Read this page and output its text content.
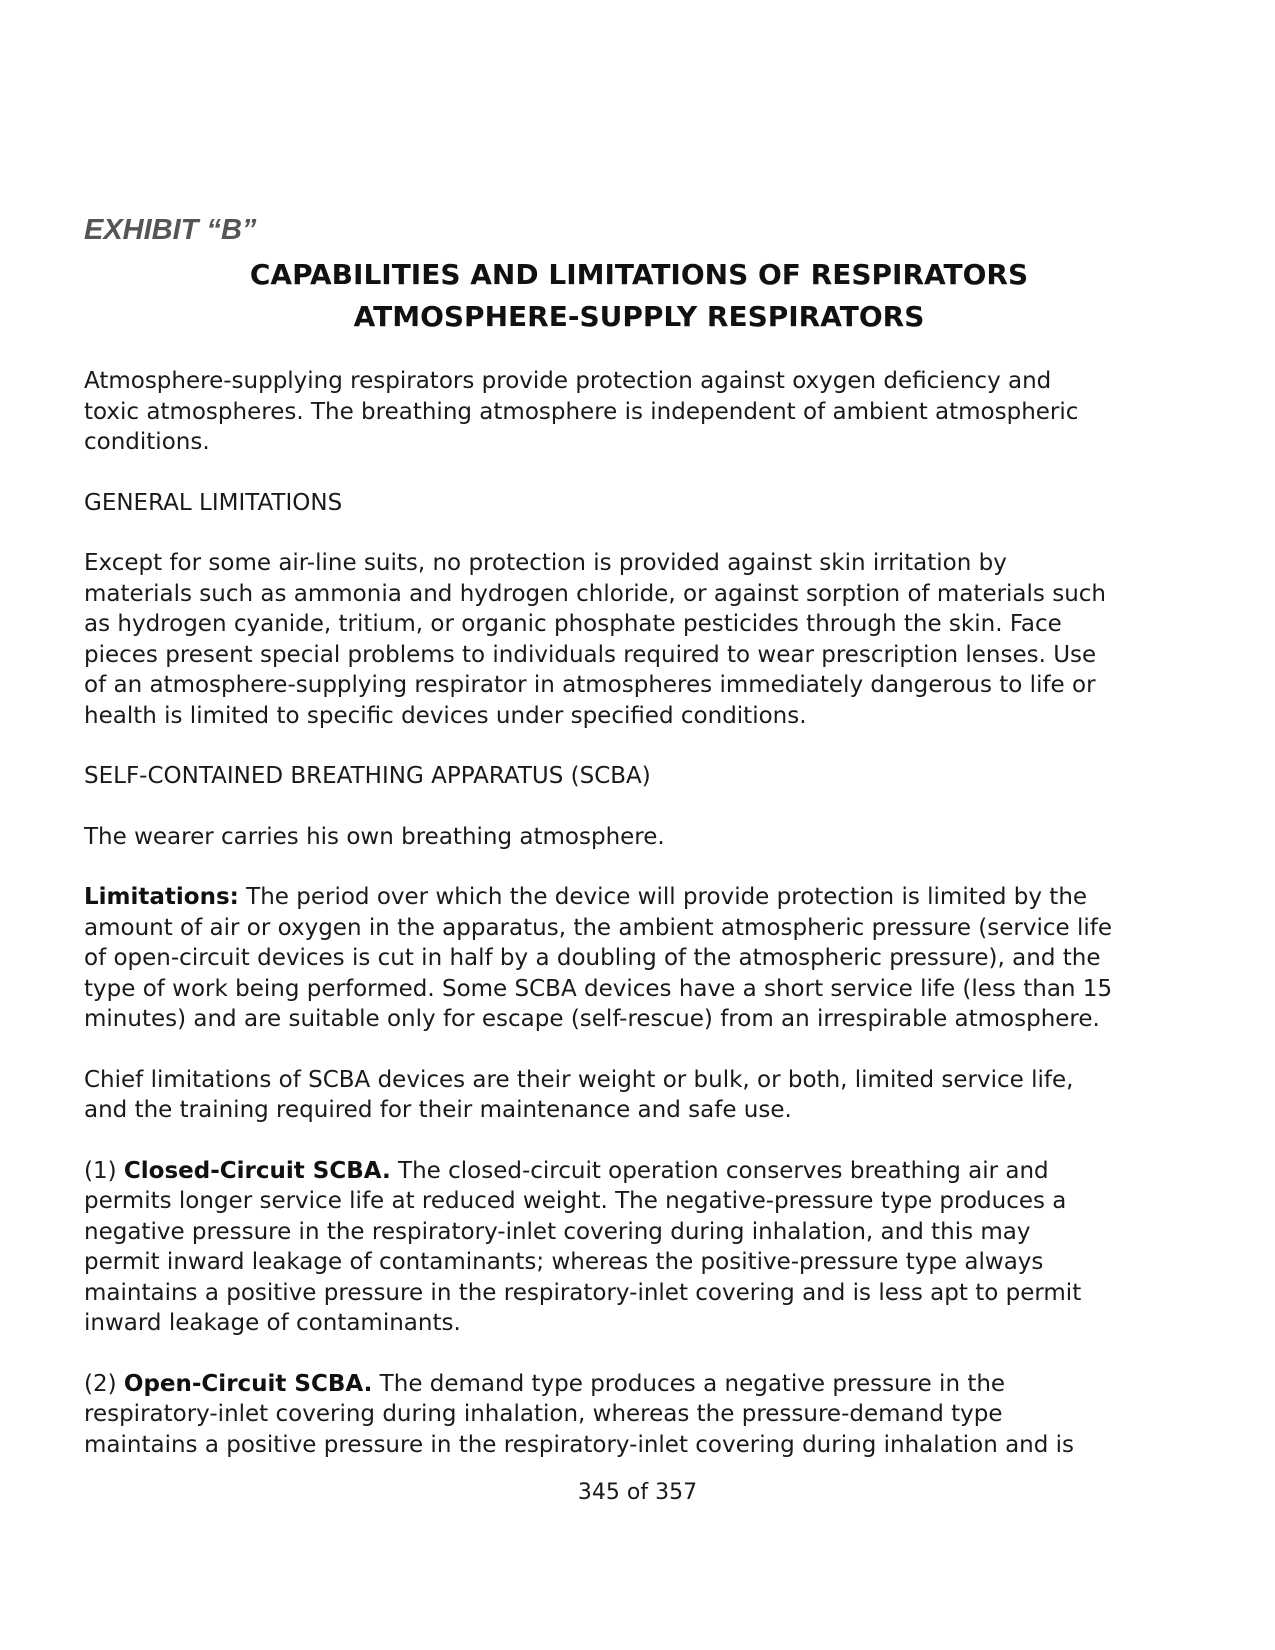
EXHIBIT “B”
CAPABILITIES AND LIMITATIONS OF RESPIRATORS
ATMOSPHERE-SUPPLY RESPIRATORS

Atmosphere-supplying respirators provide protection against oxygen deficiency and
toxic atmospheres. The breathing atmosphere is independent of ambient atmospheric
conditions.

GENERAL LIMITATIONS

Except for some air-line suits, no protection is provided against skin irritation by
materials such as ammonia and hydrogen chloride, or against sorption of materials such
as hydrogen cyanide, tritium, or organic phosphate pesticides through the skin. Face
pieces present special problems to individuals required to wear prescription lenses. Use
of an atmosphere-supplying respirator in atmospheres immediately dangerous to life or
health is limited to specific devices under specified conditions.

SELF-CONTAINED BREATHING APPARATUS (SCBA)

The wearer carries his own breathing atmosphere.

Limitations: The period over which the device will provide protection is limited by the
amount of air or oxygen in the apparatus, the ambient atmospheric pressure (service life
of open-circuit devices is cut in half by a doubling of the atmospheric pressure), and the
type of work being performed. Some SCBA devices have a short service life (less than 15
minutes) and are suitable only for escape (self-rescue) from an irrespirable atmosphere.

Chief limitations of SCBA devices are their weight or bulk, or both, limited service life,
and the training required for their maintenance and safe use.

(1) Closed-Circuit SCBA. The closed-circuit operation conserves breathing air and
permits longer service life at reduced weight. The negative-pressure type produces a
negative pressure in the respiratory-inlet covering during inhalation, and this may
permit inward leakage of contaminants; whereas the positive-pressure type always
maintains a positive pressure in the respiratory-inlet covering and is less apt to permit
inward leakage of contaminants.

(2) Open-Circuit SCBA. The demand type produces a negative pressure in the
respiratory-inlet covering during inhalation, whereas the pressure-demand type
maintains a positive pressure in the respiratory-inlet covering during inhalation and is

345 of 357
